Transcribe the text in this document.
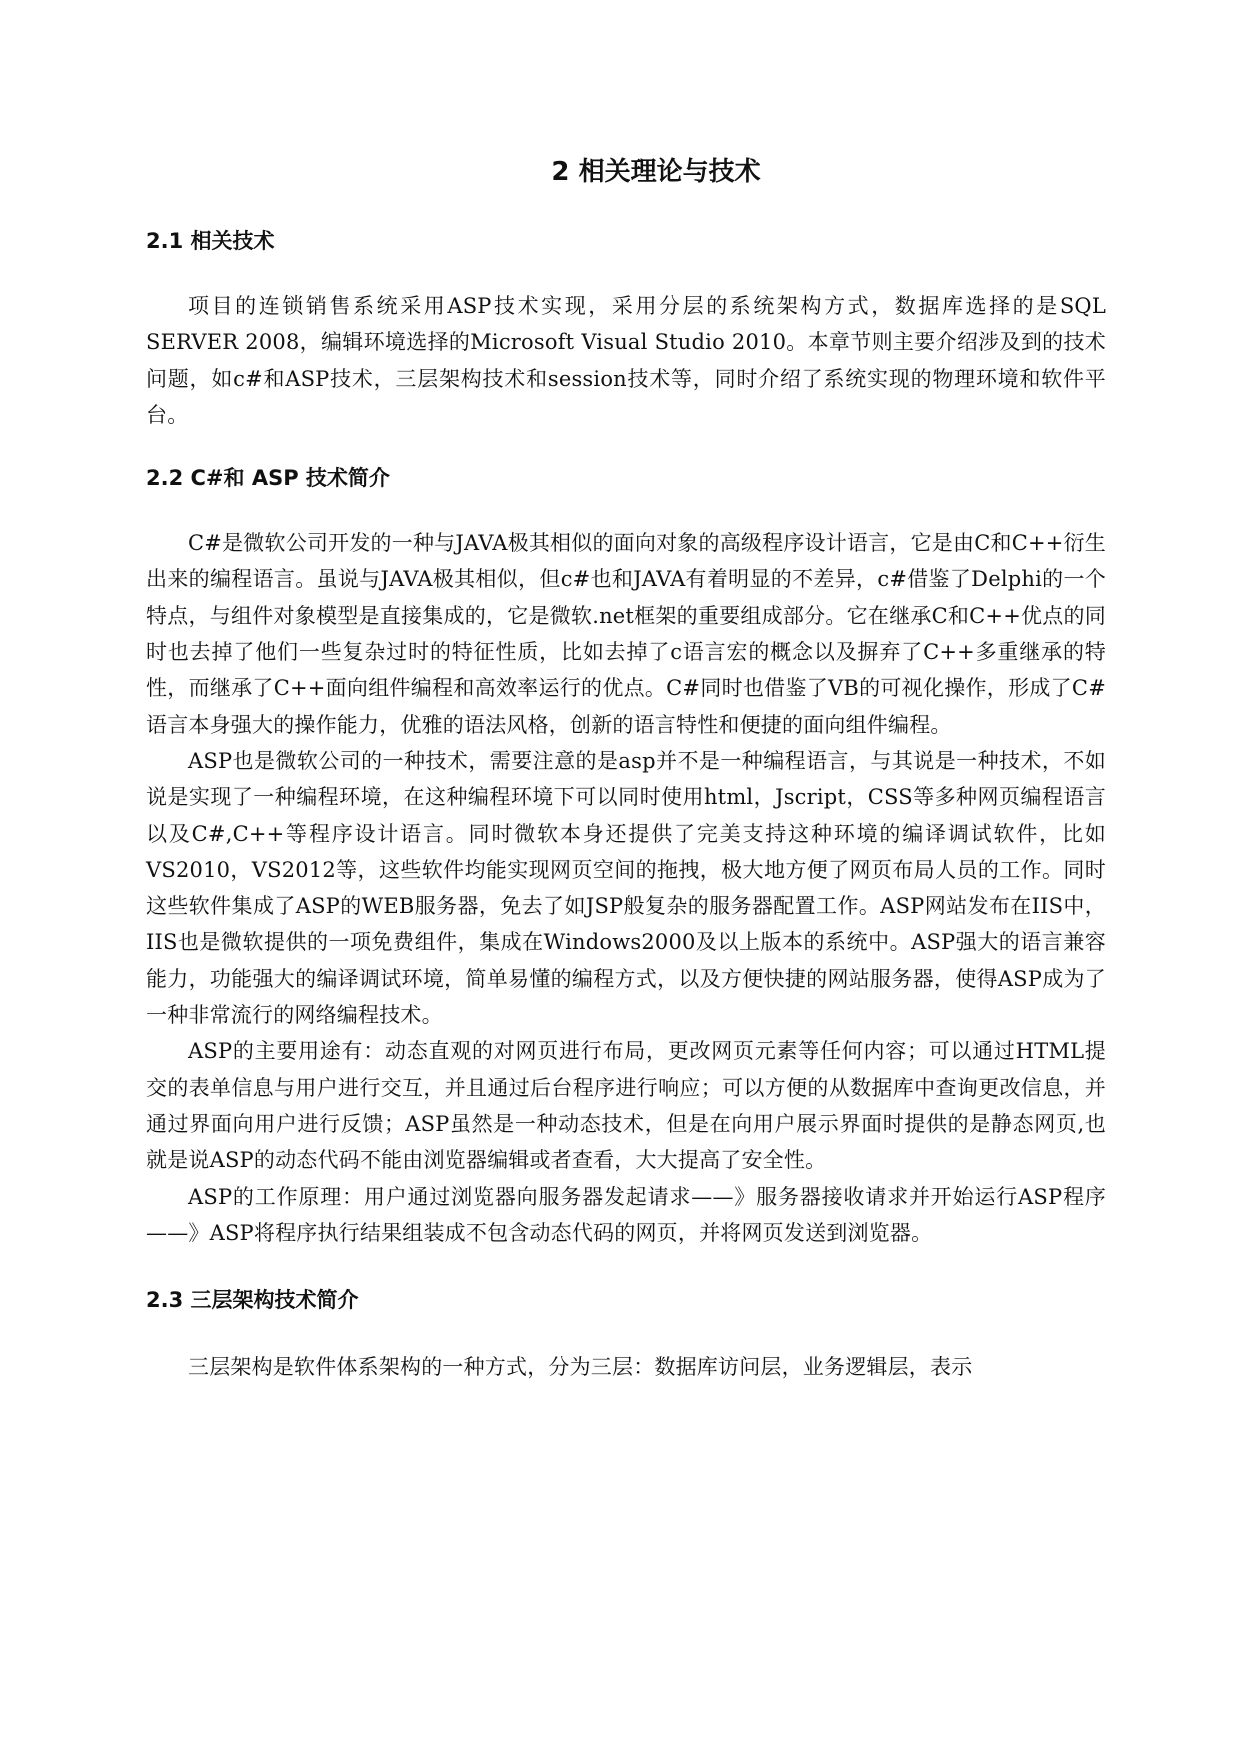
2 相关理论与技术
2.1 相关技术

项目的连锁销售系统采用ASP技术实现，采用分层的系统架构方式，数据库选择的是SQL SERVER 2008，编辑环境选择的Microsoft Visual Studio 2010。本章节则主要介绍涉及到的技术问题，如c#和ASP技术，三层架构技术和session技术等，同时介绍了系统实现的物理环境和软件平台。

2.2 C#和 ASP 技术简介

C#是微软公司开发的一种与JAVA极其相似的面向对象的高级程序设计语言，它是由C和C++衍生出来的编程语言。虽说与JAVA极其相似，但c#也和JAVA有着明显的不差异，c#借鉴了Delphi的一个特点，与组件对象模型是直接集成的，它是微软.net框架的重要组成部分。它在继承C和C++优点的同时也去掉了他们一些复杂过时的特征性质，比如去掉了c语言宏的概念以及摒弃了C++多重继承的特性，而继承了C++面向组件编程和高效率运行的优点。C#同时也借鉴了VB的可视化操作，形成了C#语言本身强大的操作能力，优雅的语法风格，创新的语言特性和便捷的面向组件编程。

ASP也是微软公司的一种技术，需要注意的是asp并不是一种编程语言，与其说是一种技术，不如说是实现了一种编程环境，在这种编程环境下可以同时使用html，Jscript，CSS等多种网页编程语言以及C#,C++等程序设计语言。同时微软本身还提供了完美支持这种环境的编译调试软件，比如VS2010，VS2012等，这些软件均能实现网页空间的拖拽，极大地方便了网页布局人员的工作。同时这些软件集成了ASP的WEB服务器，免去了如JSP般复杂的服务器配置工作。ASP网站发布在IIS中，IIS也是微软提供的一项免费组件，集成在Windows2000及以上版本的系统中。ASP强大的语言兼容能力，功能强大的编译调试环境，简单易懂的编程方式，以及方便快捷的网站服务器，使得ASP成为了一种非常流行的网络编程技术。

ASP的主要用途有：动态直观的对网页进行布局，更改网页元素等任何内容；可以通过HTML提交的表单信息与用户进行交互，并且通过后台程序进行响应；可以方便的从数据库中查询更改信息，并通过界面向用户进行反馈；ASP虽然是一种动态技术，但是在向用户展示界面时提供的是静态网页,也就是说ASP的动态代码不能由浏览器编辑或者查看，大大提高了安全性。

ASP的工作原理：用户通过浏览器向服务器发起请求——》服务器接收请求并开始运行ASP程序——》ASP将程序执行结果组装成不包含动态代码的网页，并将网页发送到浏览器。

2.3 三层架构技术简介

三层架构是软件体系架构的一种方式，分为三层：数据库访问层，业务逻辑层，表示
